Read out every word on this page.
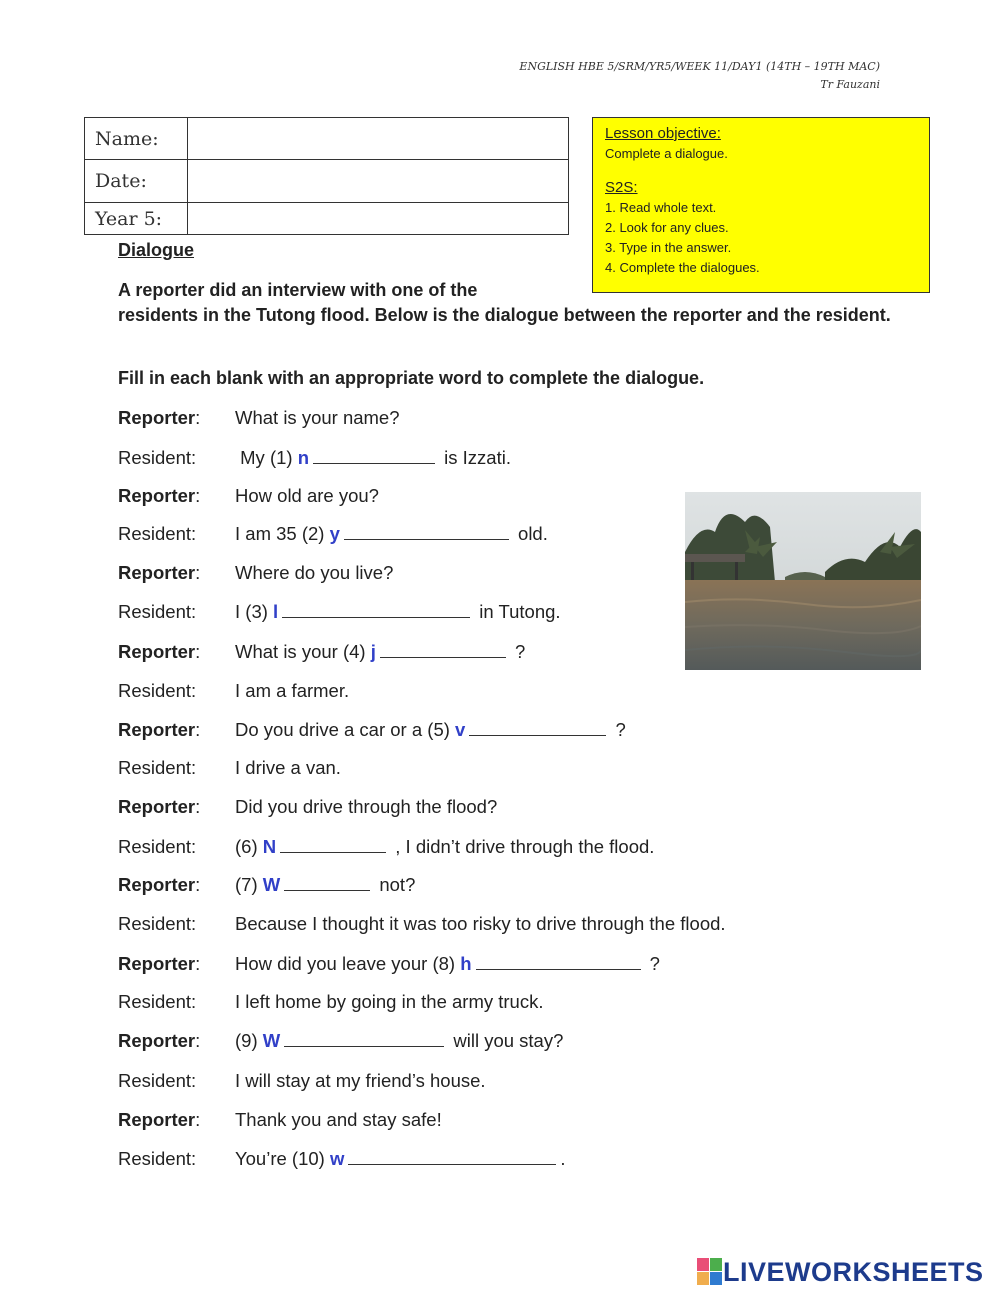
ENGLISH HBE 5/SRM/YR5/WEEK 11/DAY1 (14TH – 19TH MAC)
Tr Fauzani
Name:	
Date:	
Year 5:	
Lesson objective:
Complete a dialogue.
S2S:
1. Read whole text.
2. Look for any clues.
3. Type in the answer.
4. Complete the dialogues.
Dialogue
A reporter did an interview with one of the
residents in the Tutong flood. Below is the dialogue between the reporter and the resident.
Fill in each blank with an appropriate word to complete the dialogue.
Reporter: What is your name?
Resident: My (1) n	is Izzati.
Reporter: How old are you?
Resident: I am 35 (2) y	old.
Reporter: Where do you live?
Resident: I (3) l	in Tutong.
Reporter: What is your (4) j	?
Resident: I am a farmer.
Reporter: Do you drive a car or a (5) v	?
Resident: I drive a van.
Reporter: Did you drive through the flood?
Resident: (6) N	, I didn’t drive through the flood.
Reporter: (7) W	not?
Resident: Because I thought it was too risky to drive through the flood.
Reporter: How did you leave your (8) h	?
Resident: I left home by going in the army truck.
Reporter: (9) W	will you stay?
Resident: I will stay at my friend’s house.
Reporter: Thank you and stay safe!
Resident: You’re (10) w	.
LIVEWORKSHEETS
